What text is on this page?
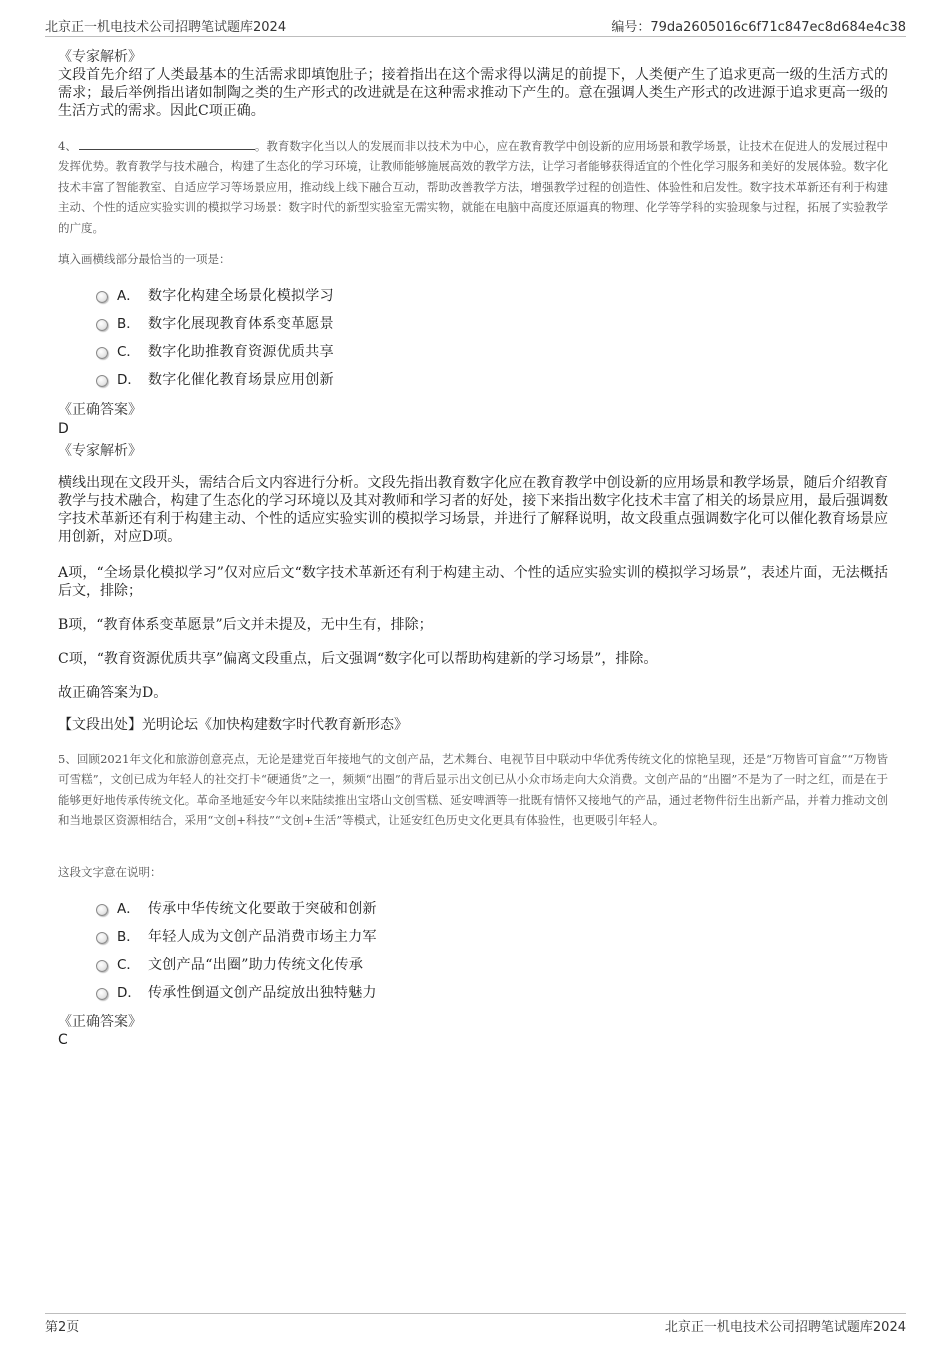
北京正一机电技术公司招聘笔试题库2024	编号：79da2605016c6f71c847ec8d684e4c38
《专家解析》

文段首先介绍了人类最基本的生活需求即填饱肚子；接着指出在这个需求得以满足的前提下，人类便产生了追求更高一级的生活方式的需求；最后举例指出诸如制陶之类的生产形式的改进就是在这种需求推动下产生的。意在强调人类生产形式的改进源于追求更高一级的生活方式的需求。因此C项正确。

4、	。教育数字化当以人的发展而非以技术为中心，应在教育教学中创设新的应用场景和教学场景，让技术在促进人的发展过程中发挥优势。教育教学与技术融合，构建了生态化的学习环境，让教师能够施展高效的教学方法，让学习者能够获得适宜的个性化学习服务和美好的发展体验。数字化技术丰富了智能教室、自适应学习等场景应用，推动线上线下融合互动，帮助改善教学方法，增强教学过程的创造性、体验性和启发性。数字技术革新还有利于构建主动、个性的适应实验实训的模拟学习场景：数字时代的新型实验室无需实物，就能在电脑中高度还原逼真的物理、化学等学科的实验现象与过程，拓展了实验教学的广度。

填入画横线部分最恰当的一项是：
A． 数字化构建全场景化模拟学习
B． 数字化展现教育体系变革愿景
C． 数字化助推教育资源优质共享
D． 数字化催化教育场景应用创新
《正确答案》
D
《专家解析》

横线出现在文段开头，需结合后文内容进行分析。文段先指出教育数字化应在教育教学中创设新的应用场景和教学场景，随后介绍教育教学与技术融合，构建了生态化的学习环境以及其对教师和学习者的好处，接下来指出数字化技术丰富了相关的场景应用，最后强调数字技术革新还有利于构建主动、个性的适应实验实训的模拟学习场景，并进行了解释说明，故文段重点强调数字化可以催化教育场景应用创新，对应D项。

A项，“全场景化模拟学习”仅对应后文“数字技术革新还有利于构建主动、个性的适应实验实训的模拟学习场景”，表述片面，无法概括后文，排除；

B项，“教育体系变革愿景”后文并未提及，无中生有，排除；

C项，“教育资源优质共享”偏离文段重点，后文强调“数字化可以帮助构建新的学习场景”，排除。

故正确答案为D。

【文段出处】光明论坛《加快构建数字时代教育新形态》

5、回顾2021年文化和旅游创意亮点，无论是建党百年接地气的文创产品，艺术舞台、电视节目中联动中华优秀传统文化的惊艳呈现，还是“万物皆可盲盒”“万物皆可雪糕”，文创已成为年轻人的社交打卡“硬通货”之一，频频“出圈”的背后显示出文创已从小众市场走向大众消费。文创产品的“出圈”不是为了一时之红，而是在于能够更好地传承传统文化。革命圣地延安今年以来陆续推出宝塔山文创雪糕、延安啤酒等一批既有情怀又接地气的产品，通过老物件衍生出新产品，并着力推动文创和当地景区资源相结合，采用“文创+科技”“文创+生活”等模式，让延安红色历史文化更具有体验性，也更吸引年轻人。

这段文字意在说明：
A． 传承中华传统文化要敢于突破和创新
B． 年轻人成为文创产品消费市场主力军
C． 文创产品“出圈”助力传统文化传承
D． 传承性倒逼文创产品绽放出独特魅力
《正确答案》
C
第2页	北京正一机电技术公司招聘笔试题库2024
